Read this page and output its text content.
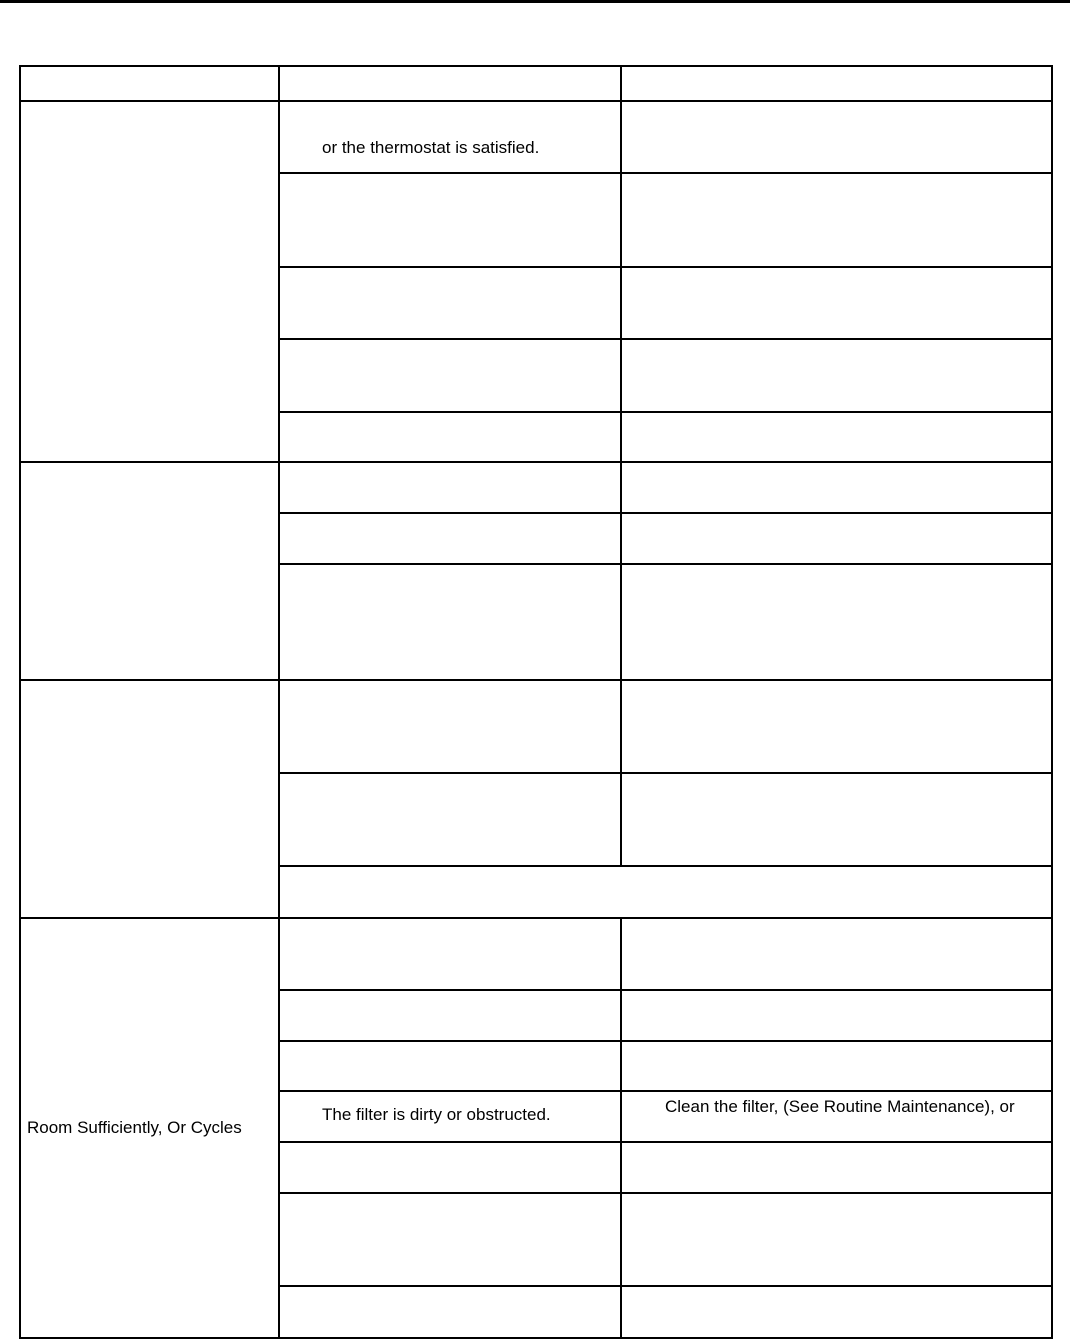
or the thermostat is satisfied.
Room Sufficiently, Or Cycles
The filter is dirty or obstructed.	Clean the filter, (See Routine Maintenance), or
